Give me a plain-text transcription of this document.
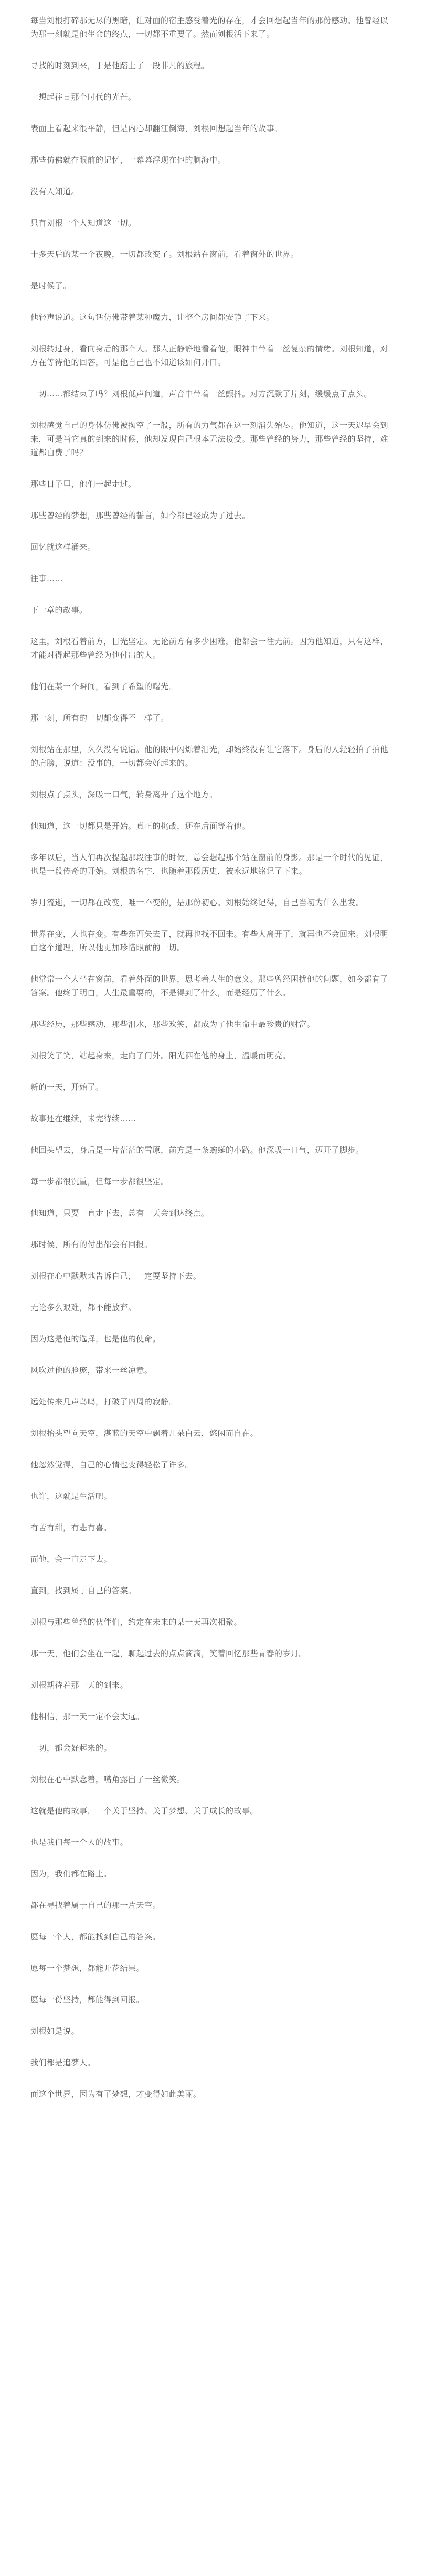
每当刘根打碎那无尽的黑暗，让对面的宿主感受着光的存在，才会回想起当年的那份感动。他曾经以为那一刻就是他生命的终点，一切都不重要了。然而刘根活下来了。

寻找的时刻到来，于是他踏上了一段非凡的旅程。

一想起往日那个时代的光芒。

表面上看起来很平静，但是内心却翻江倒海，刘根回想起当年的故事。

那些仿佛就在眼前的记忆，一幕幕浮现在他的脑海中。

没有人知道。

只有刘根一个人知道这一切。

十多天后的某一个夜晚，一切都改变了。刘根站在窗前，看着窗外的世界。

是时候了。

他轻声说道。这句话仿佛带着某种魔力，让整个房间都安静了下来。

刘根转过身，看向身后的那个人。那人正静静地看着他，眼神中带着一丝复杂的情绪。刘根知道，对方在等待他的回答，可是他自己也不知道该如何开口。

一切……都结束了吗？刘根低声问道，声音中带着一丝颤抖。对方沉默了片刻，缓缓点了点头。

刘根感觉自己的身体仿佛被掏空了一般，所有的力气都在这一刻消失殆尽。他知道，这一天迟早会到来，可是当它真的到来的时候，他却发现自己根本无法接受。那些曾经的努力，那些曾经的坚持，难道都白费了吗？

那些日子里，他们一起走过。

那些曾经的梦想，那些曾经的誓言，如今都已经成为了过去。

回忆就这样涌来。

往事……

下一章的故事。

这里，刘根看着前方，目光坚定。无论前方有多少困难，他都会一往无前。因为他知道，只有这样，才能对得起那些曾经为他付出的人。

他们在某一个瞬间，看到了希望的曙光。

那一刻，所有的一切都变得不一样了。

刘根站在那里，久久没有说话。他的眼中闪烁着泪光，却始终没有让它落下。身后的人轻轻拍了拍他的肩膀，说道：没事的，一切都会好起来的。

刘根点了点头，深吸一口气，转身离开了这个地方。

他知道，这一切都只是开始。真正的挑战，还在后面等着他。

多年以后，当人们再次提起那段往事的时候，总会想起那个站在窗前的身影。那是一个时代的见证，也是一段传奇的开始。刘根的名字，也随着那段历史，被永远地铭记了下来。

岁月流逝，一切都在改变，唯一不变的，是那份初心。刘根始终记得，自己当初为什么出发。

世界在变，人也在变。有些东西失去了，就再也找不回来。有些人离开了，就再也不会回来。刘根明白这个道理，所以他更加珍惜眼前的一切。

他常常一个人坐在窗前，看着外面的世界，思考着人生的意义。那些曾经困扰他的问题，如今都有了答案。他终于明白，人生最重要的，不是得到了什么，而是经历了什么。

那些经历，那些感动，那些泪水，那些欢笑，都成为了他生命中最珍贵的财富。

刘根笑了笑，站起身来，走向了门外。阳光洒在他的身上，温暖而明亮。

新的一天，开始了。

故事还在继续，未完待续……

他回头望去，身后是一片茫茫的雪原，前方是一条蜿蜒的小路。他深吸一口气，迈开了脚步。

每一步都很沉重，但每一步都很坚定。

他知道，只要一直走下去，总有一天会到达终点。

那时候，所有的付出都会有回报。

刘根在心中默默地告诉自己，一定要坚持下去。

无论多么艰难，都不能放弃。

因为这是他的选择，也是他的使命。

风吹过他的脸庞，带来一丝凉意。

远处传来几声鸟鸣，打破了四周的寂静。

刘根抬头望向天空，湛蓝的天空中飘着几朵白云，悠闲而自在。

他忽然觉得，自己的心情也变得轻松了许多。

也许，这就是生活吧。

有苦有甜，有悲有喜。

而他，会一直走下去。

直到，找到属于自己的答案。

刘根与那些曾经的伙伴们，约定在未来的某一天再次相聚。

那一天，他们会坐在一起，聊起过去的点点滴滴，笑着回忆那些青春的岁月。

刘根期待着那一天的到来。

他相信，那一天一定不会太远。

一切，都会好起来的。

刘根在心中默念着，嘴角露出了一丝微笑。

这就是他的故事，一个关于坚持、关于梦想、关于成长的故事。

也是我们每一个人的故事。

因为，我们都在路上。

都在寻找着属于自己的那一片天空。

愿每一个人，都能找到自己的答案。

愿每一个梦想，都能开花结果。

愿每一份坚持，都能得到回报。

刘根如是说。

我们都是追梦人。

而这个世界，因为有了梦想，才变得如此美丽。
